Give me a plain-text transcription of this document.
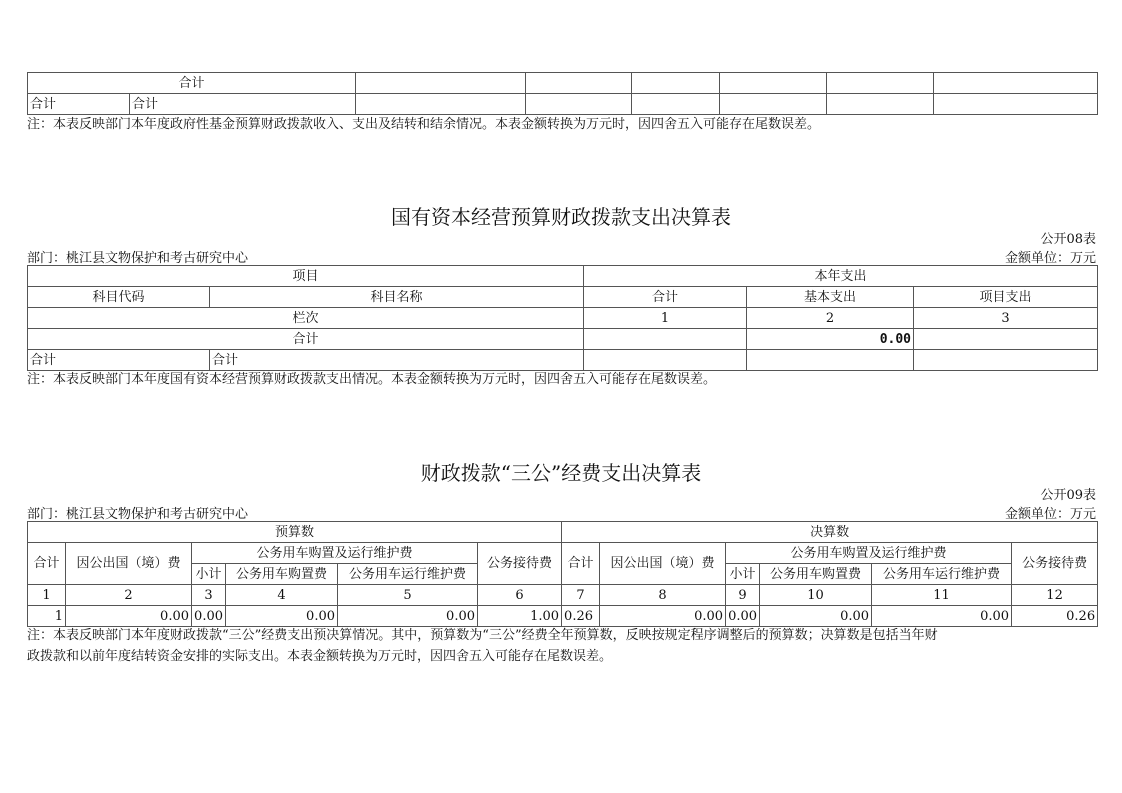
合计							
合计	合计						
注：本表反映部门本年度政府性基金预算财政拨款收入、支出及结转和结余情况。本表金额转换为万元时，因四舍五入可能存在尾数误差。
国有资本经营预算财政拨款支出决算表
公开08表
部门：桃江县文物保护和考古研究中心	金额单位：万元
项目		本年支出		
科目代码	科目名称	合计	基本支出	项目支出
栏次		1	2	3
合计			0.00	
合计	合计			
注：本表反映部门本年度国有资本经营预算财政拨款支出情况。本表金额转换为万元时，因四舍五入可能存在尾数误差。
财政拨款“三公”经费支出决算表
公开09表
部门：桃江县文物保护和考古研究中心	金额单位：万元
预算数						决算数					
合计	因公出国（境）费	公务用车购置及运行维护费			公务接待费	合计	因公出国（境）费	公务用车购置及运行维护费			公务接待费
		小计	公务用车购置费	公务用车运行维护费				小计	公务用车购置费	公务用车运行维护费	
1	2	3	4	5	6	7	8	9	10	11	12
1	0.00	0.00	0.00	0.00	1.00	0.26	0.00	0.00	0.00	0.00	0.26
注：本表反映部门本年度财政拨款“三公”经费支出预决算情况。其中，预算数为“三公”经费全年预算数，反映按规定程序调整后的预算数；决算数是包括当年财
政拨款和以前年度结转资金安排的实际支出。本表金额转换为万元时，因四舍五入可能存在尾数误差。
